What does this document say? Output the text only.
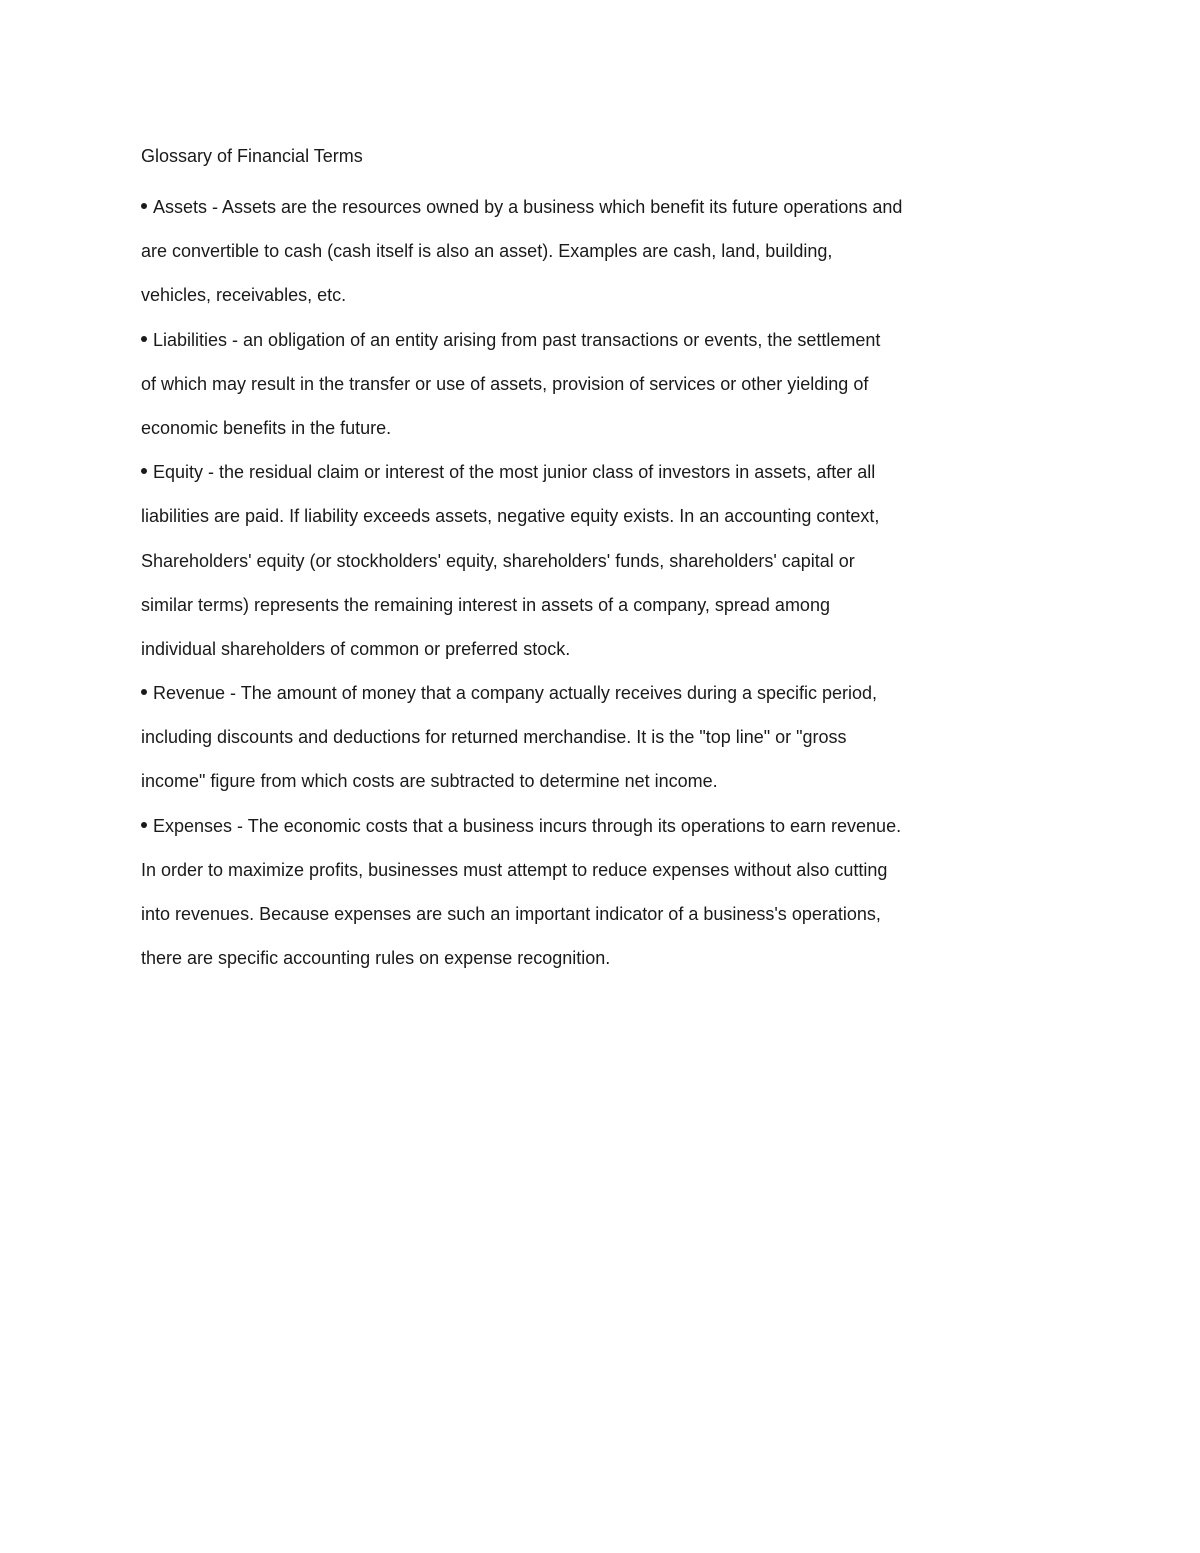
Glossary of Financial Terms
Assets - Assets are the resources owned by a business which benefit its future operations and
are convertible to cash (cash itself is also an asset). Examples are cash, land, building,
vehicles, receivables, etc.
Liabilities - an obligation of an entity arising from past transactions or events, the settlement
of which may result in the transfer or use of assets, provision of services or other yielding of
economic benefits in the future.
Equity - the residual claim or interest of the most junior class of investors in assets, after all
liabilities are paid. If liability exceeds assets, negative equity exists. In an accounting context,
Shareholders' equity (or stockholders' equity, shareholders' funds, shareholders' capital or
similar terms) represents the remaining interest in assets of a company, spread among
individual shareholders of common or preferred stock.
Revenue - The amount of money that a company actually receives during a specific period,
including discounts and deductions for returned merchandise. It is the "top line" or "gross
income" figure from which costs are subtracted to determine net income.
Expenses - The economic costs that a business incurs through its operations to earn revenue.
In order to maximize profits, businesses must attempt to reduce expenses without also cutting
into revenues. Because expenses are such an important indicator of a business's operations,
there are specific accounting rules on expense recognition.
